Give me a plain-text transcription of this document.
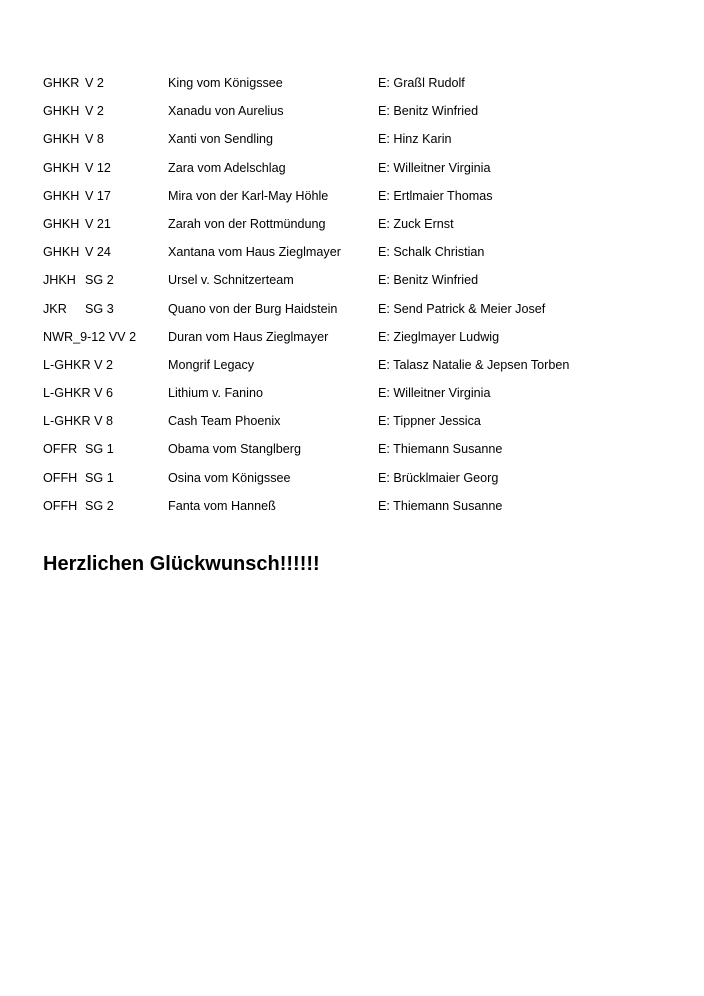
GHKR V 2	King vom Königssee	E: Graßl Rudolf
GHKH V 2	Xanadu von Aurelius	E: Benitz Winfried
GHKH V 8	Xanti von Sendling	E: Hinz Karin
GHKH V 12	Zara vom Adelschlag	E: Willeitner Virginia
GHKH V 17	Mira von der Karl-May Höhle	E: Ertlmaier Thomas
GHKH V 21	Zarah von der Rottmündung	E: Zuck Ernst
GHKH V 24	Xantana vom Haus Zieglmayer	E: Schalk Christian
JHKH SG 2	Ursel v. Schnitzerteam	E: Benitz Winfried
JKR SG 3	Quano von der Burg Haidstein	E: Send Patrick & Meier Josef
NWR_9-12 VV 2	Duran vom Haus Zieglmayer	E: Zieglmayer Ludwig
L-GHKR V 2	Mongrif Legacy	E: Talasz Natalie & Jepsen Torben
L-GHKR V 6	Lithium v. Fanino	E: Willeitner Virginia
L-GHKR V 8	Cash Team Phoenix	E: Tippner Jessica
OFFR SG 1	Obama vom Stanglberg	E: Thiemann Susanne
OFFH SG 1	Osina vom Königssee	E: Brücklmaier Georg
OFFH SG 2	Fanta vom Hanneß	E: Thiemann Susanne
Herzlichen Glückwunsch!!!!!!
